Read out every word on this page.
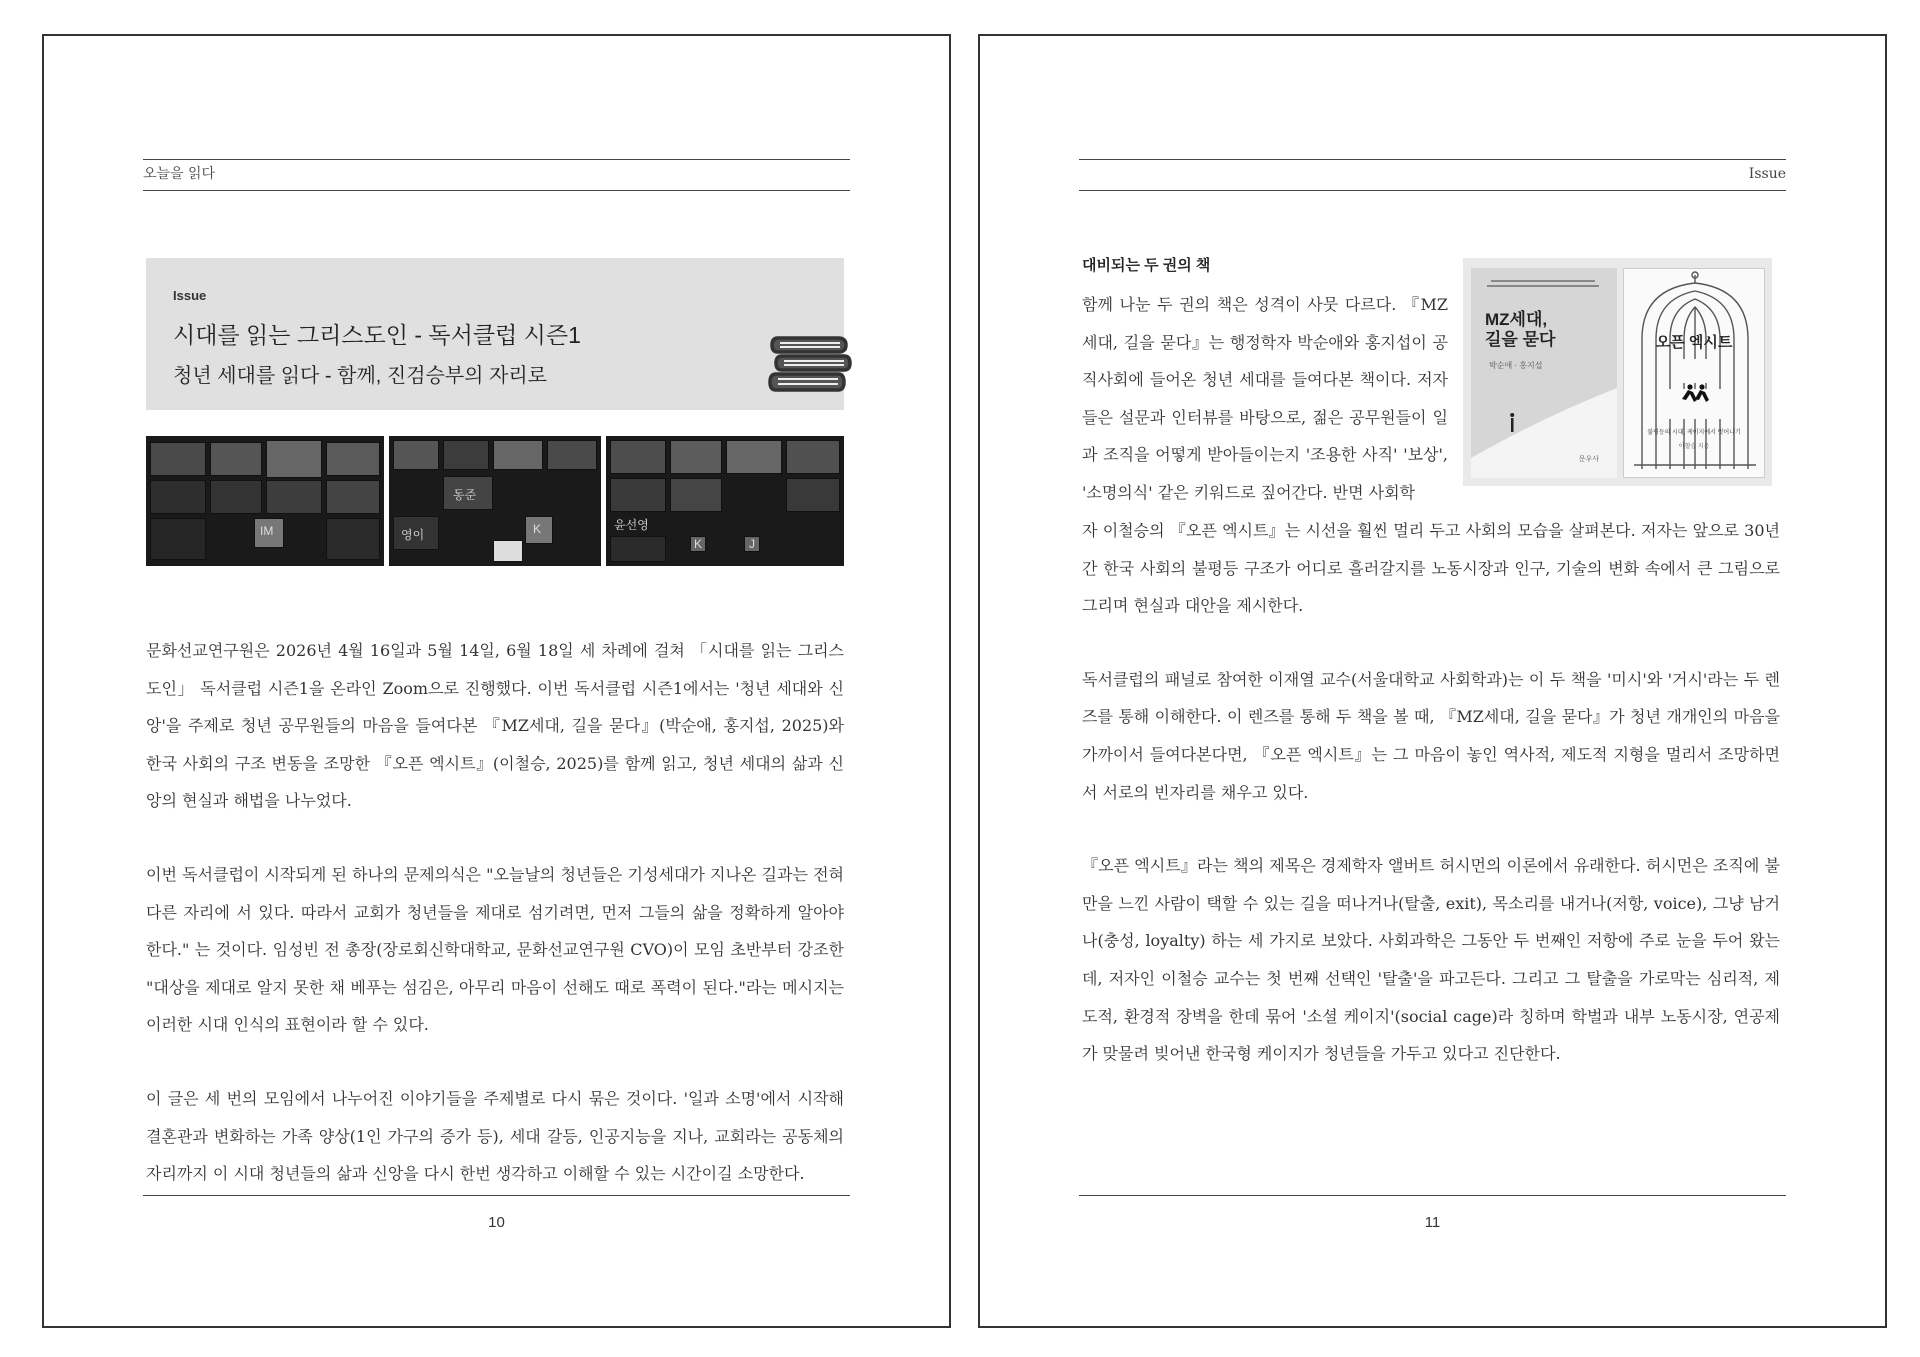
오늘을 읽다
Issue
시대를 읽는 그리스도인 - 독서클럽 시즌1
청년 세대를 읽다 - 함께, 진검승부의 자리로
IM
동준
영이	K	윤선영
K	J

문화선교연구원은 2026년 4월 16일과 5월 14일, 6월 18일 세 차례에 걸쳐 「시대를 읽는 그리스도인」 독서클럽 시즌1을 온라인 Zoom으로 진행했다. 이번 독서클럽 시즌1에서는 '청년 세대와 신앙'을 주제로 청년 공무원들의 마음을 들여다본 『MZ세대, 길을 묻다』(박순애, 홍지섭, 2025)와 한국 사회의 구조 변동을 조망한 『오픈 엑시트』(이철승, 2025)를 함께 읽고, 청년 세대의 삶과 신앙의 현실과 해법을 나누었다.

이번 독서클럽이 시작되게 된 하나의 문제의식은 "오늘날의 청년들은 기성세대가 지나온 길과는 전혀 다른 자리에 서 있다. 따라서 교회가 청년들을 제대로 섬기려면, 먼저 그들의 삶을 정확하게 알아야 한다." 는 것이다. 임성빈 전 총장(장로회신학대학교, 문화선교연구원 CVO)이 모임 초반부터 강조한 "대상을 제대로 알지 못한 채 베푸는 섬김은, 아무리 마음이 선해도 때로 폭력이 된다."라는 메시지는 이러한 시대 인식의 표현이라 할 수 있다.

이 글은 세 번의 모임에서 나누어진 이야기들을 주제별로 다시 묶은 것이다. '일과 소명'에서 시작해 결혼관과 변화하는 가족 양상(1인 가구의 증가 등), 세대 갈등, 인공지능을 지나, 교회라는 공동체의 자리까지 이 시대 청년들의 삶과 신앙을 다시 한번 생각하고 이해할 수 있는 시간이길 소망한다.

10
Issue
대비되는 두 권의 책
함께 나눈 두 권의 책은 성격이 사뭇 다르다. 『MZ세대, 길을 묻다』는 행정학자 박순애와 홍지섭이 공직사회에 들어온 청년 세대를 들여다본 책이다. 저자들은 설문과 인터뷰를 바탕으로, 젊은 공무원들이 일과 조직을 어떻게 받아들이는지 '조용한 사직' '보상', '소명의식' 같은 키워드로 짚어간다. 반면 사회학
MZ세대,
길을 묻다
박순애 · 홍지섭
문우사
오픈 엑시트
불평등의 시대, 케이지에서 벗어나기
이철승 지음

자 이철승의 『오픈 엑시트』는 시선을 훨씬 멀리 두고 사회의 모습을 살펴본다. 저자는 앞으로 30년 간 한국 사회의 불평등 구조가 어디로 흘러갈지를 노동시장과 인구, 기술의 변화 속에서 큰 그림으로 그리며 현실과 대안을 제시한다.

독서클럽의 패널로 참여한 이재열 교수(서울대학교 사회학과)는 이 두 책을 '미시'와 '거시'라는 두 렌즈를 통해 이해한다. 이 렌즈를 통해 두 책을 볼 때, 『MZ세대, 길을 묻다』가 청년 개개인의 마음을 가까이서 들여다본다면, 『오픈 엑시트』는 그 마음이 놓인 역사적, 제도적 지형을 멀리서 조망하면서 서로의 빈자리를 채우고 있다.

『오픈 엑시트』라는 책의 제목은 경제학자 앨버트 허시먼의 이론에서 유래한다. 허시먼은 조직에 불만을 느낀 사람이 택할 수 있는 길을 떠나거나(탈출, exit), 목소리를 내거나(저항, voice), 그냥 남거나(충성, loyalty) 하는 세 가지로 보았다. 사회과학은 그동안 두 번째인 저항에 주로 눈을 두어 왔는데, 저자인 이철승 교수는 첫 번째 선택인 '탈출'을 파고든다. 그리고 그 탈출을 가로막는 심리적, 제도적, 환경적 장벽을 한데 묶어 '소셜 케이지'(social cage)라 칭하며 학벌과 내부 노동시장, 연공제가 맞물려 빚어낸 한국형 케이지가 청년들을 가두고 있다고 진단한다.

11
